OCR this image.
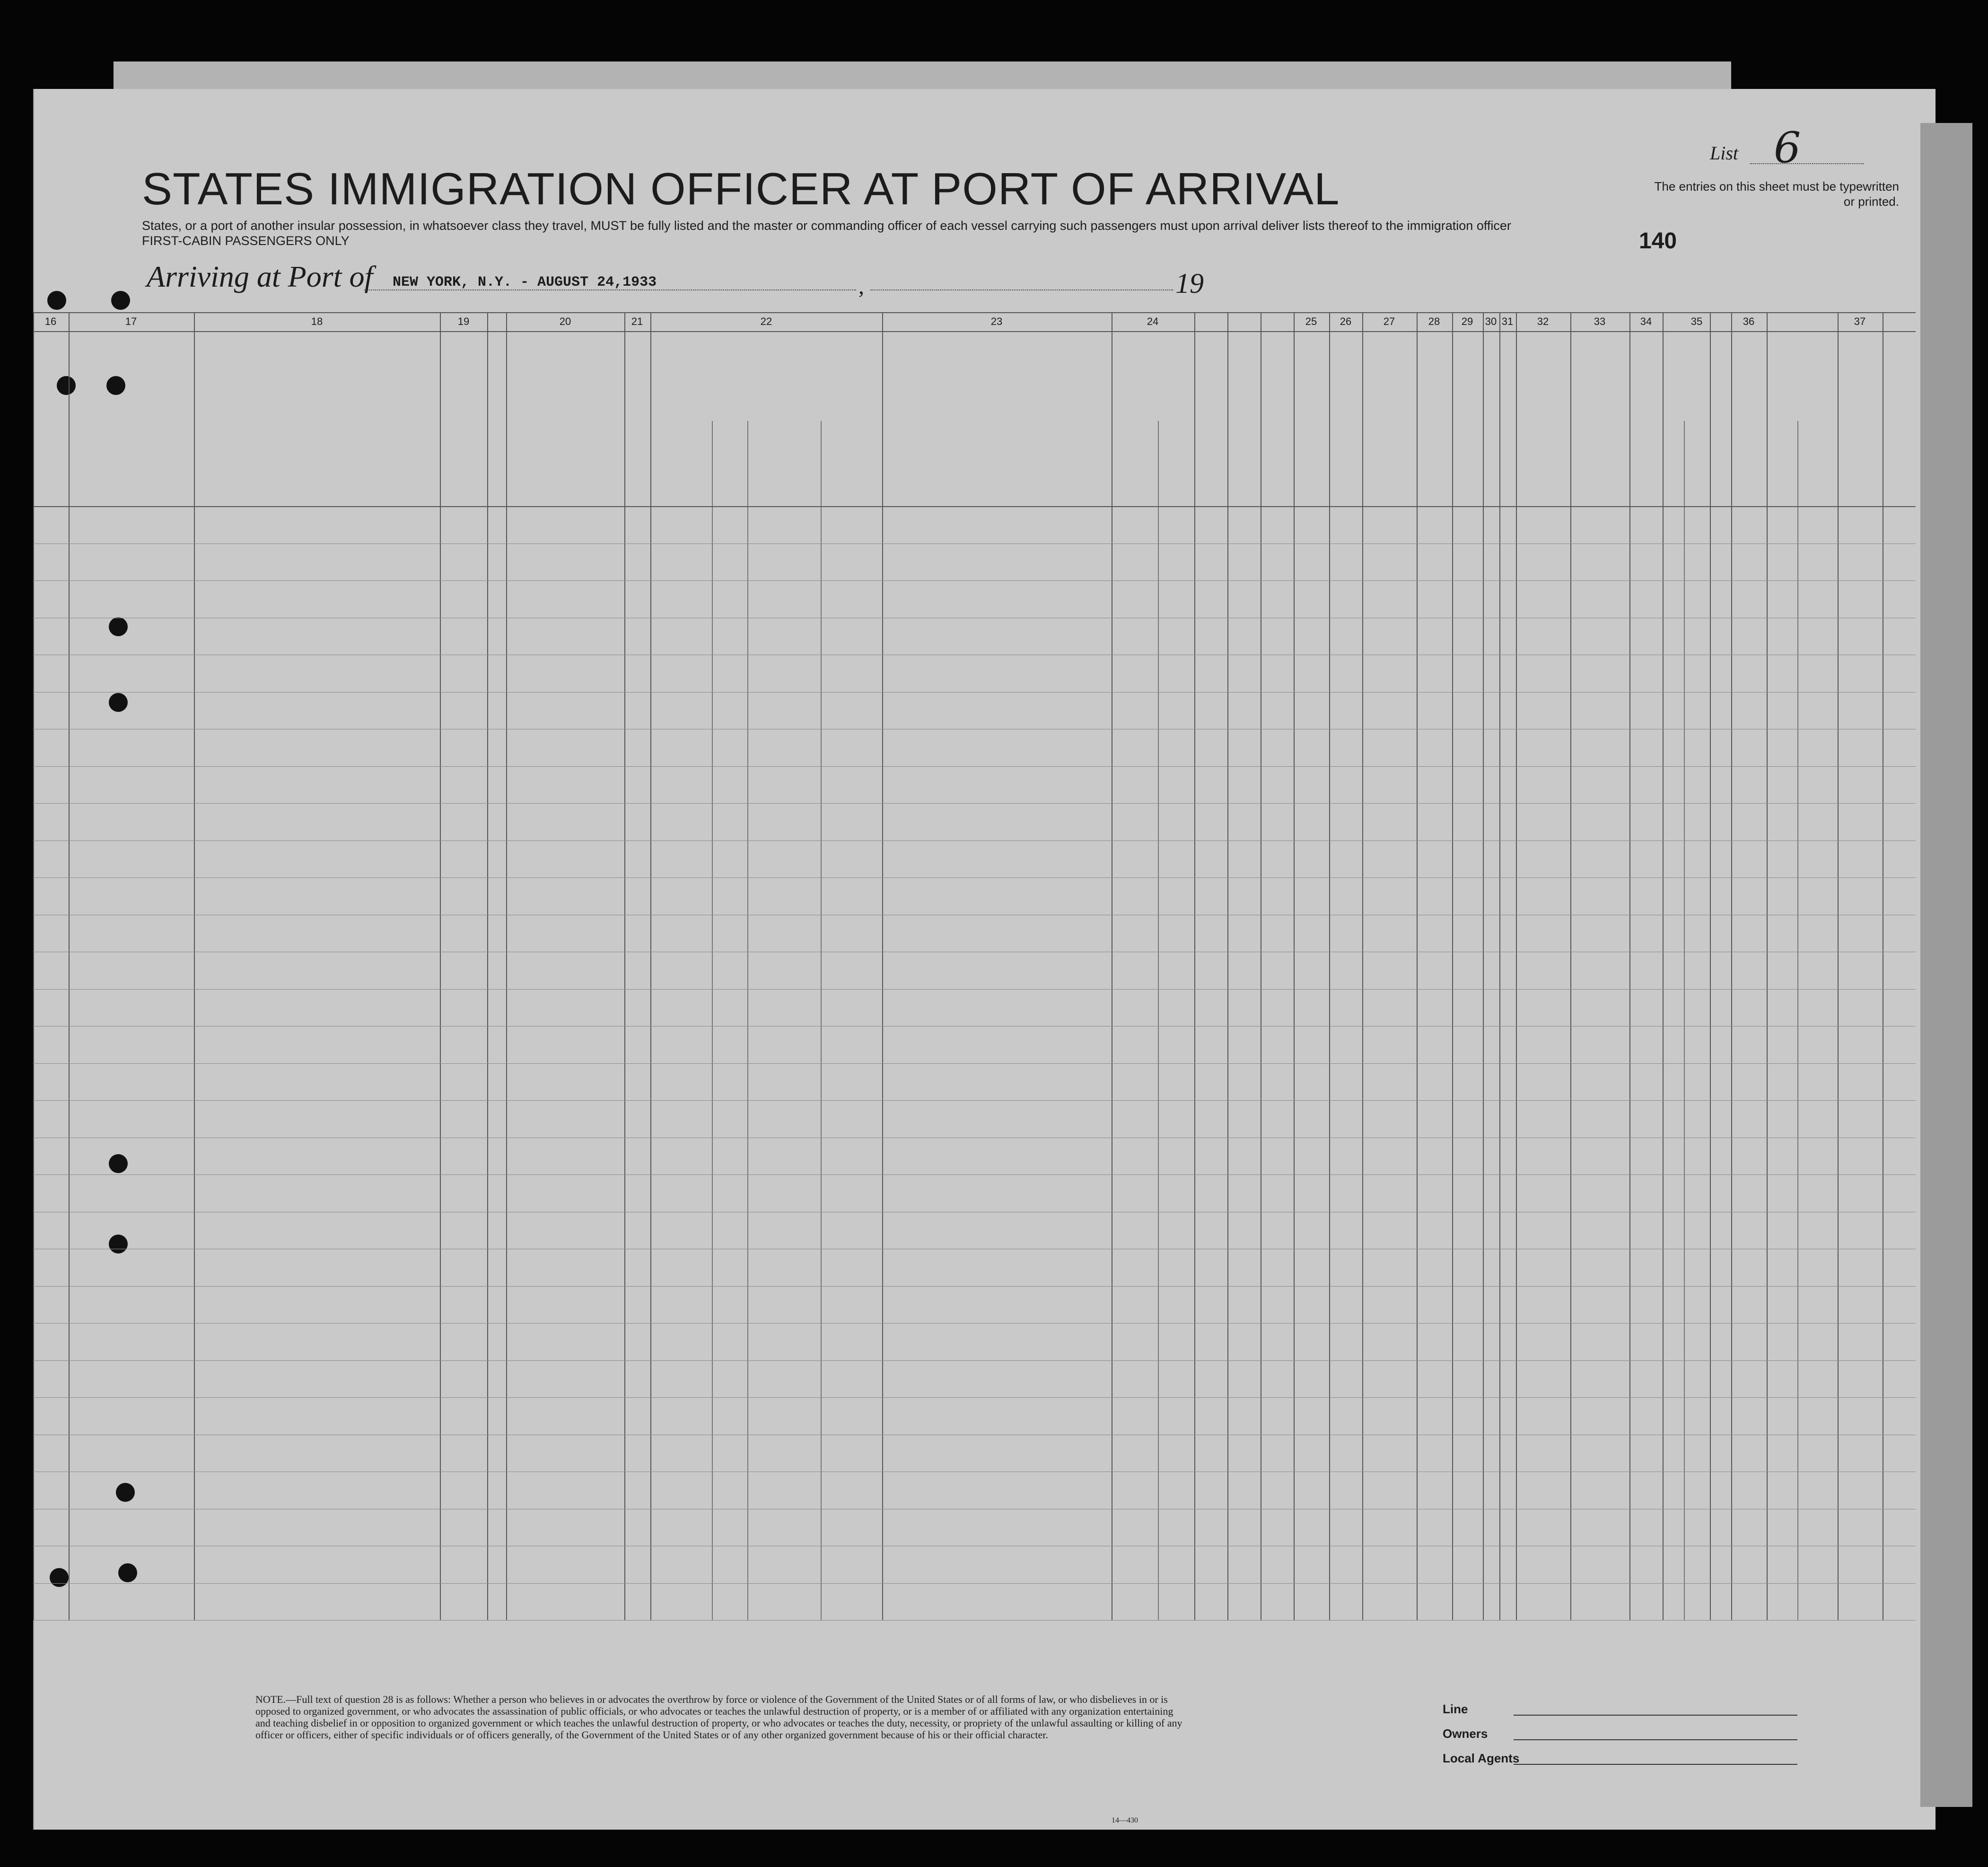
STATES IMMIGRATION OFFICER AT PORT OF ARRIVAL
States, or a port of another insular possession, in whatsoever class they travel, MUST be fully listed and the master or commanding officer of each vessel carrying such passengers must upon arrival deliver lists thereof to the immigration officer
FIRST-CABIN PASSENGERS ONLY
Arriving at Port of NEW YORK, N.Y. - AUGUST 24,1933	,	19
List 6
The entries on this sheet must be typewritten or printed.
140
16	17	18	19	20	21	22	23	24	25	26	27	28	29	30 31	32	33	34	35	36	37
NOTE.—Full text of question 28 is as follows: Whether a person who believes in or advocates the overthrow by force or violence of the Government of the United States or of all forms of law, or who disbelieves in or is opposed to organized government, or who advocates the assassination of public officials, or who advocates or teaches the unlawful destruction of property, or is a member of or affiliated with any organization entertaining and teaching disbelief in or opposition to organized government or which teaches the unlawful destruction of property, or who advocates or teaches the duty, necessity, or propriety of the unlawful assaulting or killing of any officer or officers, either of specific individuals or of officers generally, of the Government of the United States or of any other organized government because of his or their official character.
Line
Owners
Local Agents
14—430
